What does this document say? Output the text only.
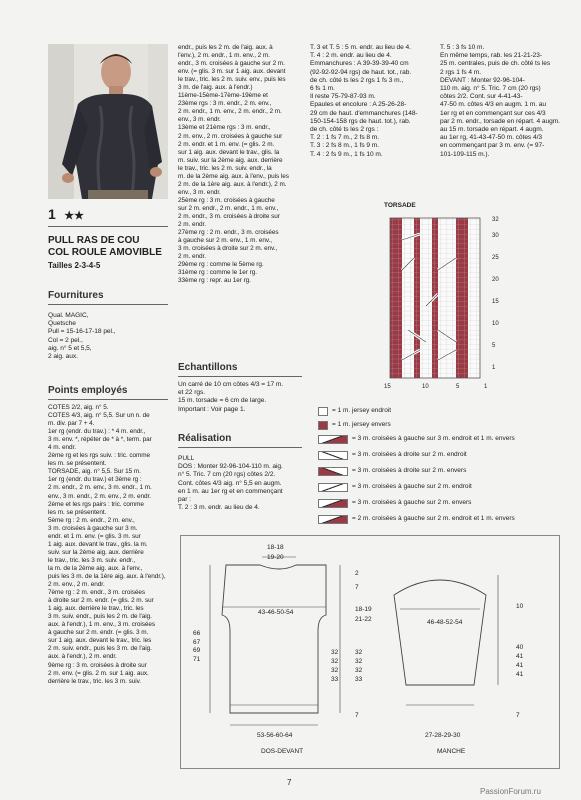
1 ★★
PULL RAS DE COU
COL ROULE AMOVIBLE
Tailles 2-3-4-5
Fournitures
Qual. MAGIC,
Quetsche
Pull = 15-16-17-18 pel.,
Col = 2 pel.,
aig. n° 5 et 5,5,
2 aig. aux.
Points employés
COTES 2/2, aig. n° 5.
COTES 4/3, aig. n° 5,5. Sur un n. de
m. div. par 7 + 4.
1er rg (endr. du trav.) : * 4 m. endr.,
3 m. env. *, répéter de * à *, term. par
4 m. endr.
2ème rg et les rgs suiv. : tric. comme
les m. se présentent.
TORSADE, aig. n° 5,5. Sur 15 m.
1er rg (endr. du trav.) et 3ème rg :
2 m. endr., 2 m. env., 3 m. endr., 1 m.
env., 3 m. endr., 2 m. env., 2 m. endr.
2ème et les rgs pairs : tric. comme
les m. se présentent.
5ème rg : 2 m. endr., 2 m. env.,
3 m. croisées à gauche sur 3 m.
endr. et 1 m. env. (= glis. 3 m. sur
1 aig. aux. devant le trav., glis. la m.
suiv. sur la 2ème aig. aux. derrière
le trav., tric. les 3 m. suiv. endr.,
la m. de la 2ème aig. aux. à l'env.,
puis les 3 m. de la 1ère aig. aux. à l'endr.),
2 m. env., 2 m. endr.
7ème rg : 2 m. endr., 3 m. croisées
à droite sur 2 m. endr. (= glis. 2 m. sur
1 aig. aux. derrière le trav., tric. les
3 m. suiv. endr., puis les 2 m. de l'aig.
aux. à l'endr.), 1 m. env., 3 m. croisées
à gauche sur 2 m. endr. (= glis. 3 m.
sur 1 aig. aux. devant le trav., tric. les
2 m. suiv. endr., puis les 3 m. de l'aig.
aux. à l'endr.), 2 m. endr.
9ème rg : 3 m. croisées à droite sur
2 m. env. (= glis. 2 m. sur 1 aig. aux.
derrière le trav., tric. les 3 m. suiv.
endr., puis les 2 m. de l'aig. aux. à
l'env.), 2 m. endr., 1 m. env., 2 m.
endr., 3 m. croisées à gauche sur 2 m.
env. (= glis. 3 m. sur 1 aig. aux. devant
le trav., tric. les 2 m. suiv. env., puis les
3 m. de l'aig. aux. à l'endr.)
11ème-15ème-17ème-19ème et
23ème rgs : 3 m. endr., 2 m. env.,
2 m. endr., 1 m. env., 2 m. endr., 2 m.
env., 3 m. endr.
13ème et 21ème rgs : 3 m. endr.,
2 m. env., 2 m. croisées à gauche sur
2 m. endr. et 1 m. env. (= glis. 2 m.
sur 1 aig. aux. devant le trav., glis. la
m. suiv. sur la 2ème aig. aux. derrière
le trav., tric. les 2 m. suiv. endr., la
m. de la 2ème aig. aux. à l'env., puis les
2 m. de la 1ère aig. aux. à l'endr.), 2 m.
env., 3 m. endr.
25ème rg : 3 m. croisées à gauche
sur 2 m. endr., 2 m. endr., 1 m. env.,
2 m. endr., 3 m. croisées à droite sur
2 m. endr.
27ème rg : 2 m. endr., 3 m. croisées
à gauche sur 2 m. env., 1 m. env.,
3 m. croisées à droite sur 2 m. env.,
2 m. endr.
29ème rg : comme le 5ème rg.
31ème rg : comme le 1er rg.
33ème rg : repr. au 1er rg.
Echantillons
Un carré de 10 cm côtes 4/3 = 17 m.
et 22 rgs.
15 m. torsade = 6 cm de large.
Important : Voir page 1.
Réalisation
PULL
DOS : Monter 92-96-104-110 m. aig.
n° 5. Tric. 7 cm (20 rgs) côtes 2/2.
Cont. côtes 4/3 aig. n° 5,5 en augm.
en 1 m. au 1er rg et en commençant
par :
T. 2 : 3 m. endr. au lieu de 4.
T. 3 et T. 5 : 5 m. endr. au lieu de 4.
T. 4 : 2 m. endr. au lieu de 4.
Emmanchures : A 39-39-39-40 cm
(92-92-92-94 rgs) de haut. tot., rab.
de ch. côté ts les 2 rgs 1 fs 3 m.,
6 fs 1 m.
Il reste 75-79-87-93 m.
Epaules et encolure : A 25-26-28-
29 cm de haut. d'emmanchures (148-
150-154-158 rgs de haut. tot.), rab.
de ch. côté ts les 2 rgs :
T. 2 : 1 fs 7 m., 2 fs 8 m.
T. 3 : 2 fs 8 m., 1 fs 9 m.
T. 4 : 2 fs 9 m., 1 fs 10 m.
T. 5 : 3 fs 10 m.
En même temps, rab. les 21-21-23-
25 m. centrales, puis de ch. côté ts les
2 rgs 1 fs 4 m.
DEVANT : Monter 92-96-104-
110 m. aig. n° 5. Tric. 7 cm (20 rgs)
côtes 2/2. Cont. sur 4-41-43-
47-50 m. côtes 4/3 en augm. 1 m. au
1er rg et en commençant sur ces 4/3
par 2 m. endr., torsade en répart. 4 augm.
au 15 m. torsade en répart. 4 augm.
au 1er rg, 41-43-47-50 m. côtes 4/3
en commençant par 3 m. env. (= 97-
101-109-115 m.).
TORSADE
32
30
25
20
15
10
5
1
15	10	5	1
= 1 m. jersey endroit
= 1 m. jersey envers
= 3 m. croisées à gauche sur 3 m. endroit et 1 m. envers
= 3 m. croisées à droite sur 2 m. endroit
= 3 m. croisées à droite sur 2 m. envers
= 3 m. croisées à gauche sur 2 m. endroit
= 3 m. croisées à gauche sur 2 m. envers
= 2 m. croisées à gauche sur 2 m. endroit et 1 m. envers
18-18
19-20
43-46-50-54
53-56-60-64
DOS-DEVANT
66
67
69
71
2
7
18-19
21-22
32
32
32
33
32
32
32
33
7
46-48-52-54
27-28-29-30
MANCHE
10
40
41
41
41
7
7
PassionForum.ru
